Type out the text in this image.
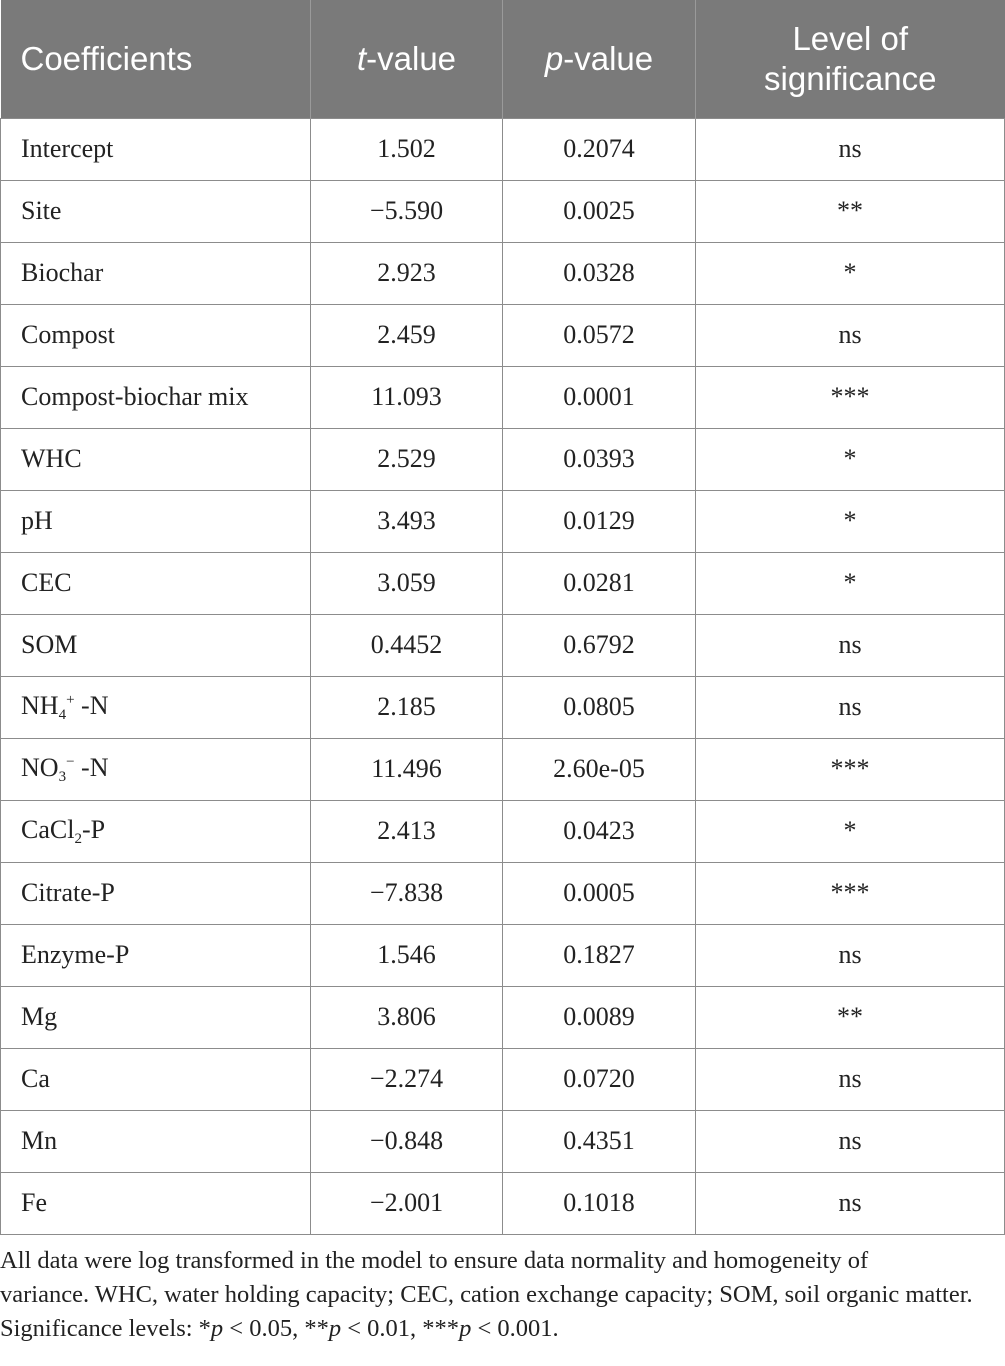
Coefficients	t-value	p-value	Level of
significance
Intercept	1.502	0.2074	ns
Site	−5.590	0.0025	**
Biochar	2.923	0.0328	*
Compost	2.459	0.0572	ns
Compost-biochar mix	11.093	0.0001	***
WHC	2.529	0.0393	*
pH	3.493	0.0129	*
CEC	3.059	0.0281	*
SOM	0.4452	0.6792	ns
$NH_4^+$ -N	2.185	0.0805	ns
$NO_3^-$ -N	11.496	2.60e-05	***
CaCl$_2$-P	2.413	0.0423	*
Citrate-P	−7.838	0.0005	***
Enzyme-P	1.546	0.1827	ns
Mg	3.806	0.0089	**
Ca	−2.274	0.0720	ns
Mn	−0.848	0.4351	ns
Fe	−2.001	0.1018	ns

All data were log transformed in the model to ensure data normality and homogeneity of

variance. WHC, water holding capacity; CEC, cation exchange capacity; SOM, soil organic matter.

Significance levels: *p < 0.05, **p < 0.01, ***p < 0.001.
